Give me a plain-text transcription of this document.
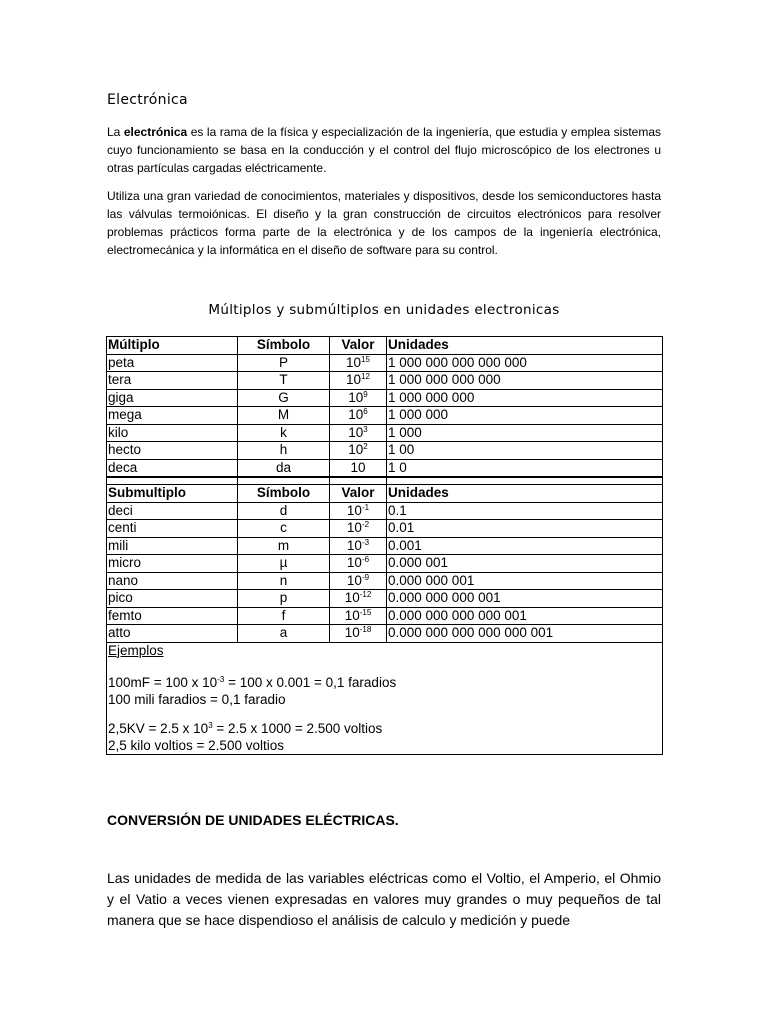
Electrónica

La electrónica es la rama de la física y especialización de la ingeniería, que estudia y emplea sistemas cuyo funcionamiento se basa en la conducción y el control del flujo microscópico de los electrones u otras partículas cargadas eléctricamente.

Utiliza una gran variedad de conocimientos, materiales y dispositivos, desde los semiconductores hasta las válvulas termoiónicas. El diseño y la gran construcción de circuitos electrónicos para resolver problemas prácticos forma parte de la electrónica y de los campos de la ingeniería electrónica, electromecánica y la informática en el diseño de software para su control.

Múltiplos y submúltiplos en unidades electronicas
Múltiplo	Símbolo	Valor	Unidades
peta	P	$10^{15}$	1 000 000 000 000 000
tera	T	$10^{12}$	1 000 000 000 000
giga	G	$10^9$	1 000 000 000
mega	M	$10^6$	1 000 000
kilo	k	$10^3$	1 000
hecto	h	$10^2$	1 00
deca	da	10	1 0

Submultiplo	Símbolo	Valor	Unidades
deci	d	$10^{-1}$	0.1
centi	c	$10^{-2}$	0.01
mili	m	$10^{-3}$	0.001
micro	µ	$10^{-6}$	0.000 001
nano	n	$10^{-9}$	0.000 000 001
pico	p	$10^{-12}$	0.000 000 000 001
femto	f	$10^{-15}$	0.000 000 000 000 001
atto	a	$10^{-18}$	0.000 000 000 000 000 001

Ejemplos
100mF = 100 x $10^{-3} = 100$ x 0.001 = 0,1 faradios
100 mili faradios = 0,1 faradio
2,5KV = 2.5 x $10^3 = 2.5$ x 1000 = 2.500 voltios
2,5 kilo voltios = 2.500 voltios			
CONVERSIÓN DE UNIDADES ELÉCTRICAS.

Las unidades de medida de las variables eléctricas como el Voltio, el Amperio, el Ohmio y el Vatio a veces vienen expresadas en valores muy grandes o muy pequeños de tal manera que se hace dispendioso el análisis de calculo y medición y puede
